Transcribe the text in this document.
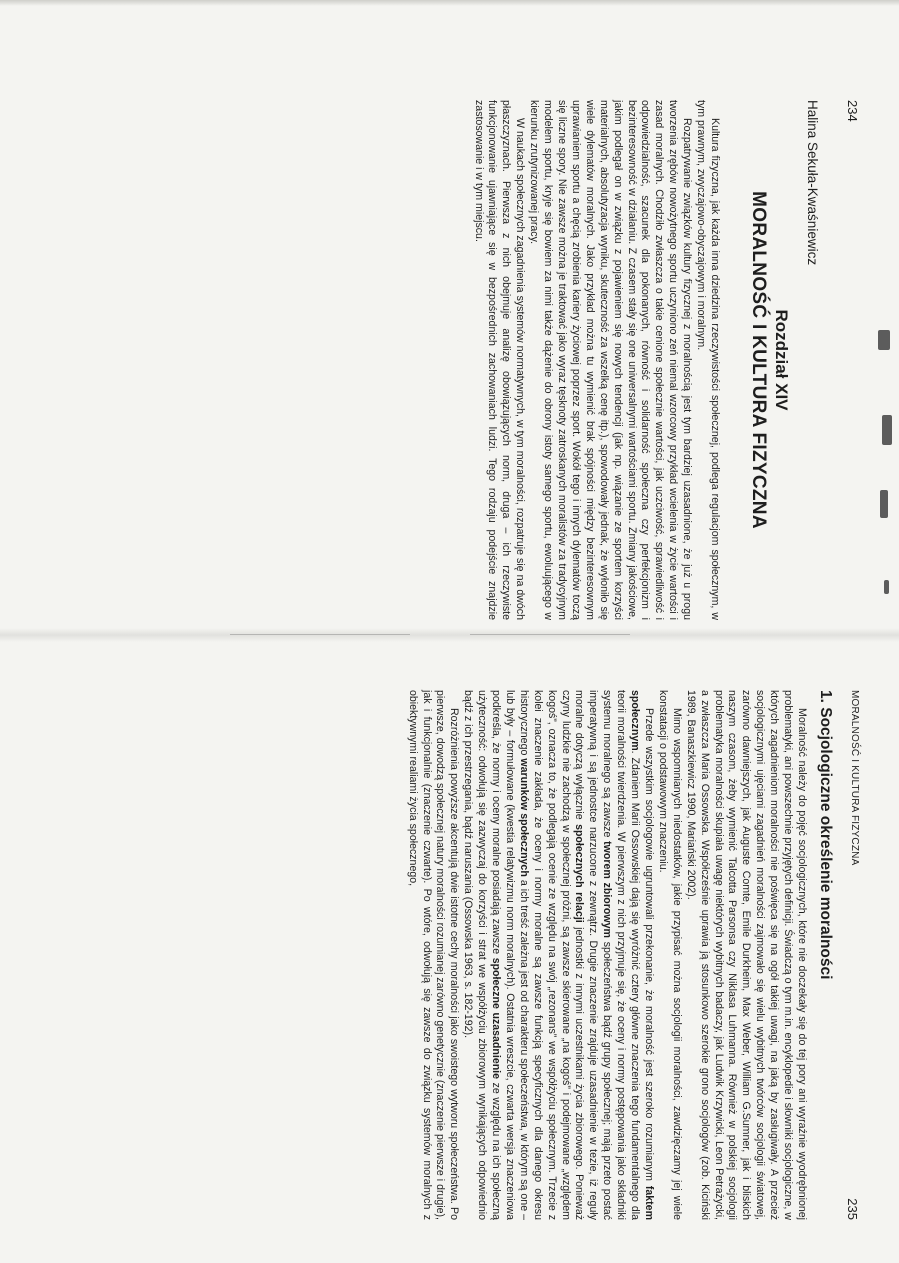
234
Halina Sekuła-Kwaśniewicz
Rozdział XIV
MORALNOŚĆ I KULTURA FIZYCZNA

Kultura fizyczna, jak każda inna dziedzina rzeczywistości społecznej, podlega regulacjom społecznym, w tym prawnym, zwyczajowo-obyczajowym i moralnym.

Rozpatrywanie związków kultury fizycznej z moralnością jest tym bardziej uzasadnione, że już u progu tworzenia zrębów nowożytnego sportu uczyniono zeń niemal wzorcowy przykład wcielenia w życie wartości i zasad moralnych. Chodziło zwłaszcza o takie cenione społecznie wartości, jak uczciwość, sprawiedliwość i odpowiedzialność, szacunek dla pokonanych, równość i solidarność społeczna czy perfekcjonizm i bezinteresowność w działaniu. Z czasem stały się one uniwersalnymi wartościami sportu. Zmiany jakościowe, jakim podlegał on w związku z pojawieniem się nowych tendencji (jak np. wiązanie ze sportem korzyści materialnych, absolutyzacja wyniku, skuteczność za wszelką cenę itp.), spowodowały jednak, że wyłoniło się wiele dylematów moralnych. Jako przykład można tu wymienić brak spójności między bezinteresownym uprawianiem sportu a chęcią zrobienia kariery życiowej poprzez sport. Wokół tego i innych dylematów toczą się liczne spory. Nie zawsze można je traktować jako wyraz tęsknoty zatroskanych moralistów za tradycyjnym modelem sportu, kryje się bowiem za nimi także dążenie do obrony istoty samego sportu, ewoluującego w kierunku zrutynizowanej pracy.

W naukach społecznych zagadnienia systemów normatywnych, w tym moralności, rozpatruje się na dwóch płaszczyznach. Pierwsza z nich obejmuje analizę obowiązujących norm, druga – ich rzeczywiste funkcjonowanie ujawniające się w bezpośrednich zachowaniach ludzi. Tego rodzaju podejście znajdzie zastosowanie i w tym miejscu.

MORALNOŚĆ I KULTURA FIZYCZNA
235
1. Socjologiczne określenie moralności

Moralność należy do pojęć socjologicznych, które nie doczekały się do tej pory ani wyraźnie wyodrębnionej problematyki, ani powszechnie przyjętych definicji. Świadczą o tym m.in. encyklopedie i słowniki socjologiczne, w których zagadnieniom moralności nie poświęca się na ogół takiej uwagi, na jaką by zasługiwały. A przecież socjologicznymi ujęciami zagadnień moralności zajmowało się wielu wybitnych twórców socjologii światowej, zarówno dawniejszych, jak Auguste Comte, Emile Durkheim, Max Weber, William G.Sumner, jak i bliskich naszym czasom, żeby wymienić Talcotta Parsonsa czy Niklasa Luhmanna. Również w polskiej socjologii problematyka moralności skupiała uwagę niektórych wybitnych badaczy, jak Ludwik Krzywicki, Leon Petrażycki, a zwłaszcza Maria Ossowska. Współcześnie uprawia ją stosunkowo szerokie grono socjologów (zob. Kiciński 1989, Banaszkiewicz 1990, Mariański 2002).

Mimo wspomnianych niedostatków, jakie przypisać można socjologii moralności, zawdzięczamy jej wiele konstatacji o podstawowym znaczeniu.

Przede wszystkim socjologowie ugruntowali przekonanie, że moralność jest szeroko rozumianym faktem społecznym. Zdaniem Marii Ossowskiej dają się wyróżnić cztery główne znaczenia tego fundamentalnego dla teorii moralności twierdzenia. W pierwszym z nich przyjmuje się, że oceny i normy postępowania jako składniki systemu moralnego są zawsze tworem zbiorowym społeczeństwa bądź grupy społecznej; mają przeto postać imperatywną i są jednostce narzucone z zewnątrz. Drugie znaczenie zrajduje uzasadnienie w tezie, iż reguły moralne dotyczą wyłącznie społecznych relacji jednostki z innymi uczestnikami życia zbiorowego. Ponieważ czyny ludzkie nie zachodzą w społecznej próżni, są zawsze skierowane „na kogoś” i podejmowane „względem kogoś”, oznacza to, że podlegają ocenie ze względu na swój „rezonans” we współżyciu społecznym. Trzecie z kolei znaczenie zakłada, że oceny i normy moralne są zawsze funkcją specyficznych dla danego okresu historycznego warunków społecznych a ich treść zależna jest od charakteru społeczeństwa, w którym są one – lub były – formułowane (kwestia relatywizmu norm moralnych). Ostatnia wreszcie, czwarta wersja znaczeniowa podkreśla, że normy i oceny moralne posiadają zawsze społeczne uzasadnienie ze względu na ich społeczną użyteczność: odwołują się zazwyczaj do korzyści i strat we współżyciu zbiorowym wynikających odpowiednio bądź z ich przestrzegania, bądź naruszania (Ossowska 1963, s. 182-192).

Rozróżnienia powyższe akcentują dwie istotne cechy moralności jako swoistego wytworu społeczeństwa. Po pierwsze, dowodzą społecznej natury moralności rozumianej zarówno genetycznie (znaczenie pierwsze i drugie), jak i funkcjonalnie (znaczenie czwarte). Po wtóre, odwołują się zawsze do związku systemów moralnych z obiektywnymi realiami życia społecznego,
